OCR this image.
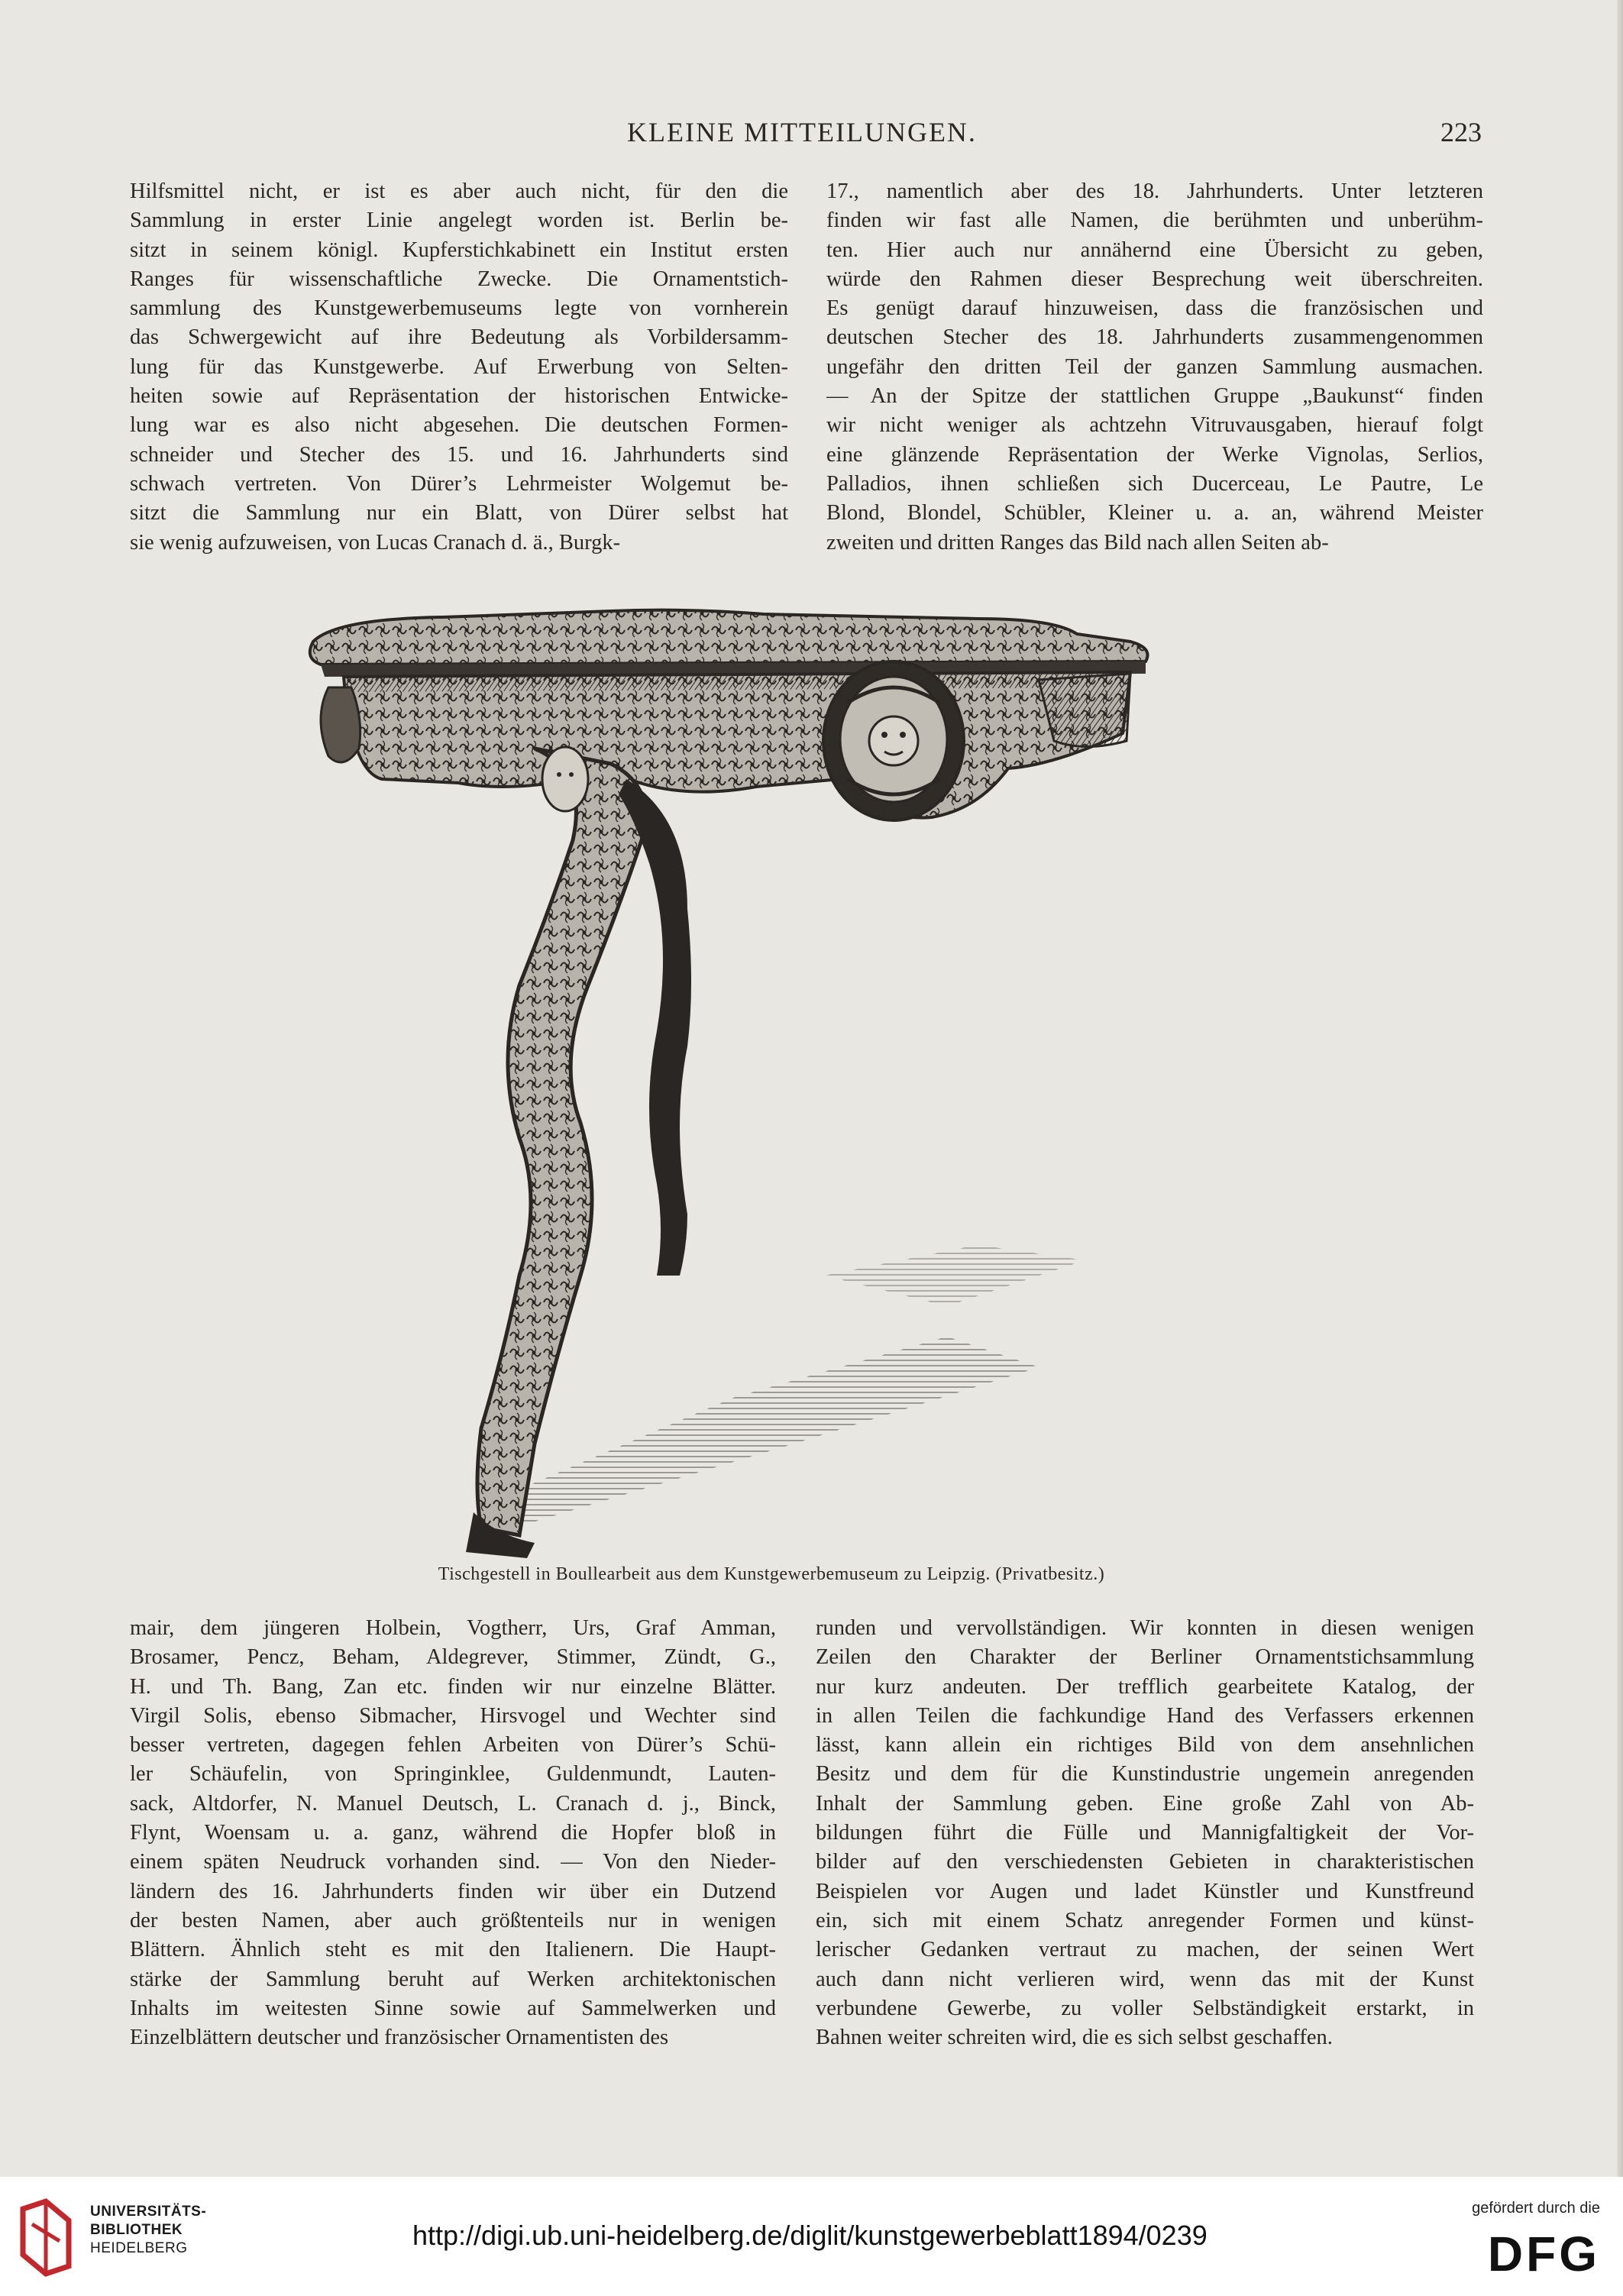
KLEINE MITTEILUNGEN.	223
Hilfsmittel nicht, er ist es aber auch nicht, für den die
Sammlung in erster Linie angelegt worden ist. Berlin be-
sitzt in seinem königl. Kupferstichkabinett ein Institut ersten
Ranges für wissenschaftliche Zwecke. Die Ornamentstich-
sammlung des Kunstgewerbemuseums legte von vornherein
das Schwergewicht auf ihre Bedeutung als Vorbildersamm-
lung für das Kunstgewerbe. Auf Erwerbung von Selten-
heiten sowie auf Repräsentation der historischen Entwicke-
lung war es also nicht abgesehen. Die deutschen Formen-
schneider und Stecher des 15. und 16. Jahrhunderts sind
schwach vertreten. Von Dürer’s Lehrmeister Wolgemut be-
sitzt die Sammlung nur ein Blatt, von Dürer selbst hat
sie wenig aufzuweisen, von Lucas Cranach d. ä., Burgk-
17., namentlich aber des 18. Jahrhunderts. Unter letzteren
finden wir fast alle Namen, die berühmten und unberühm-
ten. Hier auch nur annähernd eine Übersicht zu geben,
würde den Rahmen dieser Besprechung weit überschreiten.
Es genügt darauf hinzuweisen, dass die französischen und
deutschen Stecher des 18. Jahrhunderts zusammengenommen
ungefähr den dritten Teil der ganzen Sammlung ausmachen.
— An der Spitze der stattlichen Gruppe „Baukunst“ finden
wir nicht weniger als achtzehn Vitruvausgaben, hierauf folgt
eine glänzende Repräsentation der Werke Vignolas, Serlios,
Palladios, ihnen schließen sich Ducerceau, Le Pautre, Le
Blond, Blondel, Schübler, Kleiner u. a. an, während Meister
zweiten und dritten Ranges das Bild nach allen Seiten ab-
Tischgestell in Boullearbeit aus dem Kunstgewerbemuseum zu Leipzig. (Privatbesitz.)
mair, dem jüngeren Holbein, Vogtherr, Urs, Graf Amman,
Brosamer, Pencz, Beham, Aldegrever, Stimmer, Zündt, G.,
H. und Th. Bang, Zan etc. finden wir nur einzelne Blätter.
Virgil Solis, ebenso Sibmacher, Hirsvogel und Wechter sind
besser vertreten, dagegen fehlen Arbeiten von Dürer’s Schü-
ler Schäufelin, von Springinklee, Guldenmundt, Lauten-
sack, Altdorfer, N. Manuel Deutsch, L. Cranach d. j., Binck,
Flynt, Woensam u. a. ganz, während die Hopfer bloß in
einem späten Neudruck vorhanden sind. — Von den Nieder-
ländern des 16. Jahrhunderts finden wir über ein Dutzend
der besten Namen, aber auch größtenteils nur in wenigen
Blättern. Ähnlich steht es mit den Italienern. Die Haupt-
stärke der Sammlung beruht auf Werken architektonischen
Inhalts im weitesten Sinne sowie auf Sammelwerken und
Einzelblättern deutscher und französischer Ornamentisten des
runden und vervollständigen. Wir konnten in diesen wenigen
Zeilen den Charakter der Berliner Ornamentstichsammlung
nur kurz andeuten. Der trefflich gearbeitete Katalog, der
in allen Teilen die fachkundige Hand des Verfassers erkennen
lässt, kann allein ein richtiges Bild von dem ansehnlichen
Besitz und dem für die Kunstindustrie ungemein anregenden
Inhalt der Sammlung geben. Eine große Zahl von Ab-
bildungen führt die Fülle und Mannigfaltigkeit der Vor-
bilder auf den verschiedensten Gebieten in charakteristischen
Beispielen vor Augen und ladet Künstler und Kunstfreund
ein, sich mit einem Schatz anregender Formen und künst-
lerischer Gedanken vertraut zu machen, der seinen Wert
auch dann nicht verlieren wird, wenn das mit der Kunst
verbundene Gewerbe, zu voller Selbständigkeit erstarkt, in
Bahnen weiter schreiten wird, die es sich selbst geschaffen.
UNIVERSITÄTS-
BIBLIOTHEK
HEIDELBERG	http://digi.ub.uni-heidelberg.de/diglit/kunstgewerbeblatt1894/0239
gefördert durch die
DFG
